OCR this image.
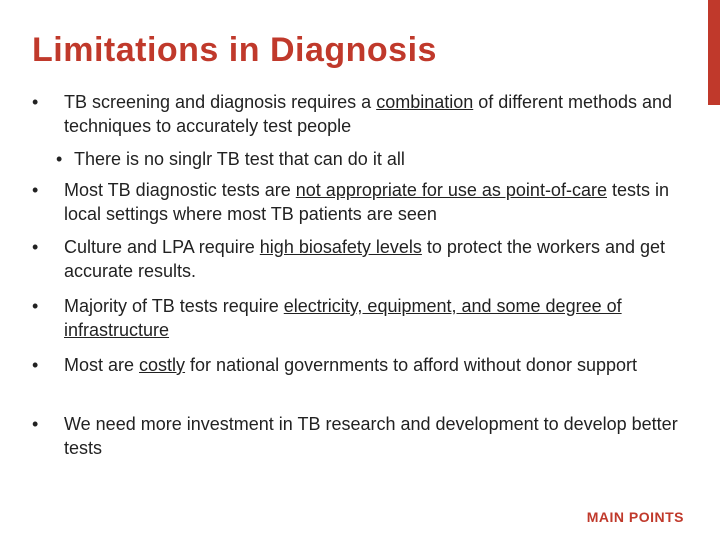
Limitations in Diagnosis
• TB screening and diagnosis requires a combination of different methods and techniques to accurately test people
• There is no singlr TB test that can do it all
• Most TB diagnostic tests are not appropriate for use as point-of-care tests in local settings where most TB patients are seen
• Culture and LPA require high biosafety levels to protect the workers and get accurate results.
• Majority of TB tests require electricity, equipment, and some degree of infrastructure
• Most are costly for national governments to afford without donor support
• We need more investment in TB research and development to develop better tests
MAIN POINTS
